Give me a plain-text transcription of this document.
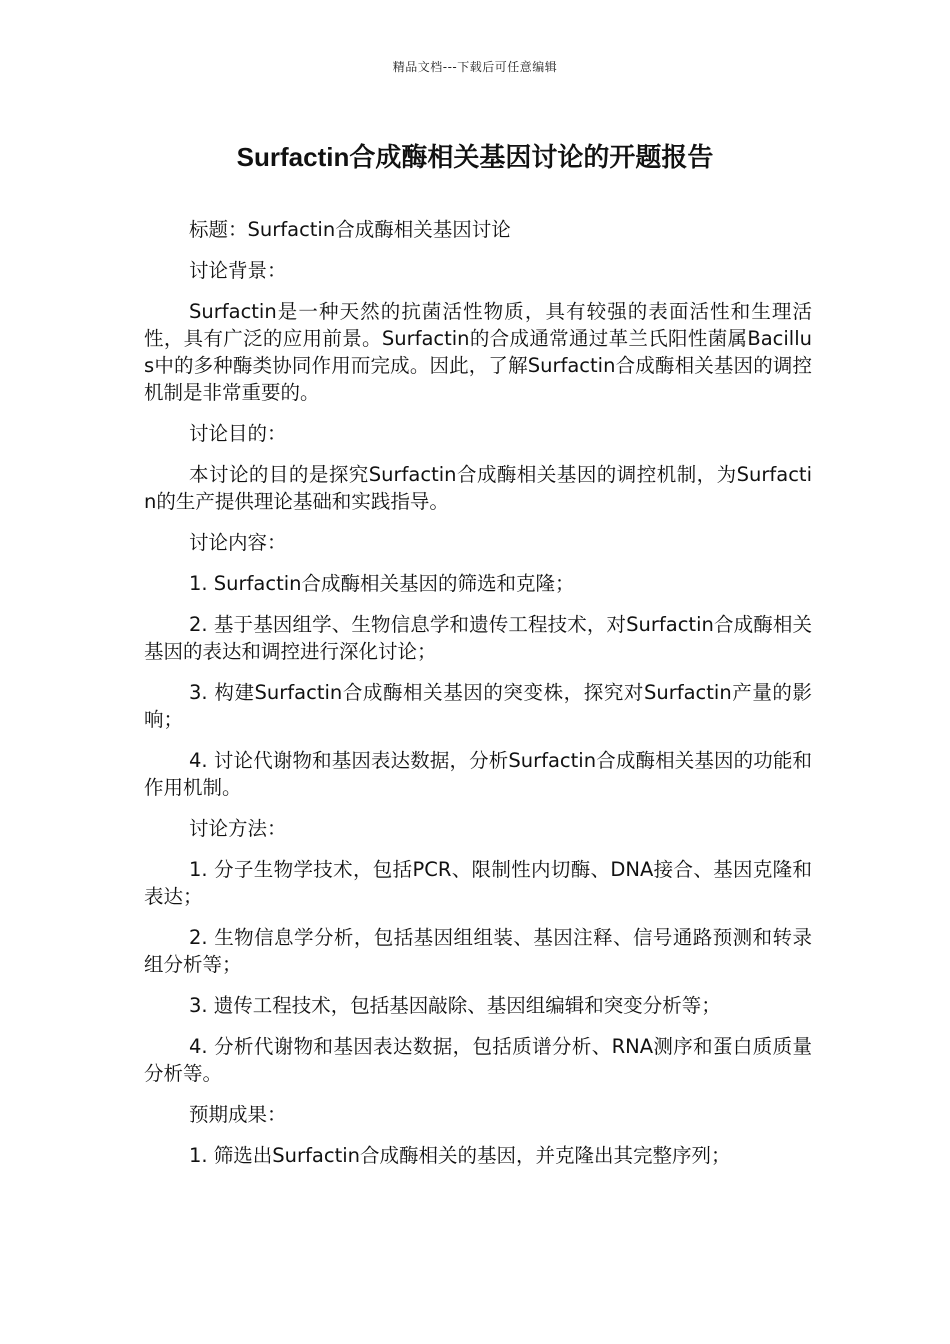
精品文档---下载后可任意编辑
Surfactin合成酶相关基因讨论的开题报告

标题：Surfactin合成酶相关基因讨论

讨论背景：

Surfactin是一种天然的抗菌活性物质，具有较强的表面活性和生理活性，具有广泛的应用前景。Surfactin的合成通常通过革兰氏阳性菌属Bacillus中的多种酶类协同作用而完成。因此，了解Surfactin合成酶相关基因的调控机制是非常重要的。

讨论目的：

本讨论的目的是探究Surfactin合成酶相关基因的调控机制，为Surfactin的生产提供理论基础和实践指导。

讨论内容：

1. Surfactin合成酶相关基因的筛选和克隆；

2. 基于基因组学、生物信息学和遗传工程技术，对Surfactin合成酶相关基因的表达和调控进行深化讨论；

3. 构建Surfactin合成酶相关基因的突变株，探究对Surfactin产量的影响；

4. 讨论代谢物和基因表达数据，分析Surfactin合成酶相关基因的功能和作用机制。

讨论方法：

1. 分子生物学技术，包括PCR、限制性内切酶、DNA接合、基因克隆和表达；

2. 生物信息学分析，包括基因组组装、基因注释、信号通路预测和转录组分析等；

3. 遗传工程技术，包括基因敲除、基因组编辑和突变分析等；

4. 分析代谢物和基因表达数据，包括质谱分析、RNA测序和蛋白质质量分析等。

预期成果：

1. 筛选出Surfactin合成酶相关的基因，并克隆出其完整序列；
